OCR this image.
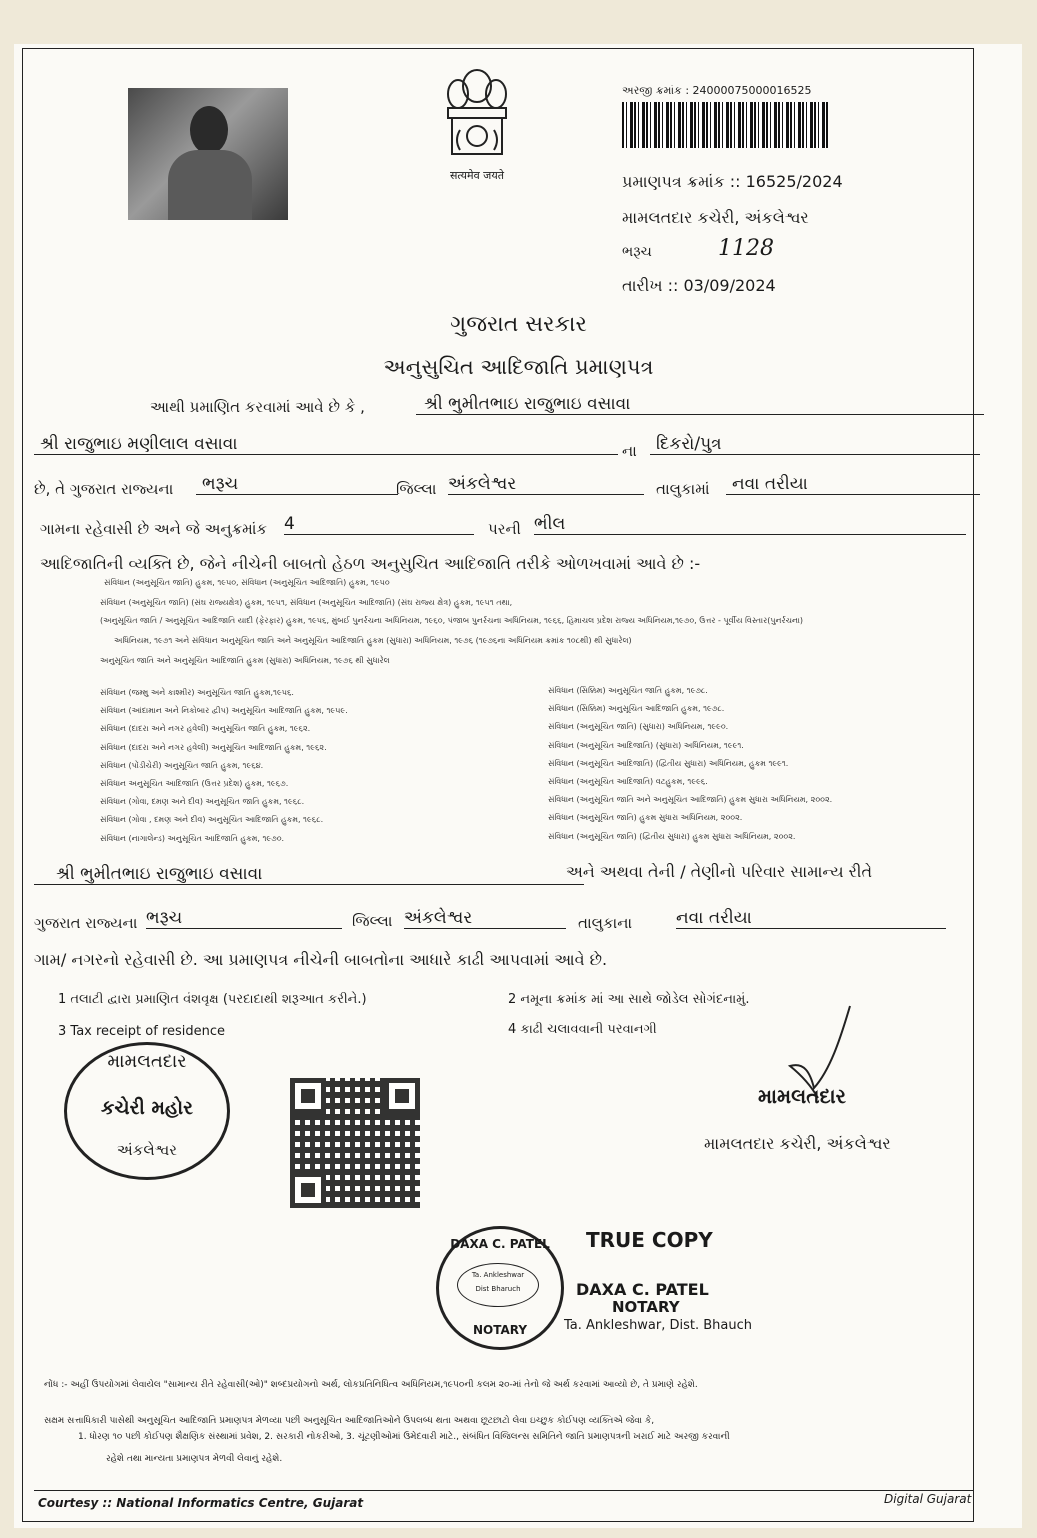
सत्यमेव जयते
અરજી ક્રમાંક : 24000075000016525
પ્રમાણપત્ર ક્રમાંક :: 16525/2024
મામલતદાર કચેરી, અંકલેશ્વર
ભરૂચ	1128
તારીખ :: 03/09/2024
ગુજરાત સરકાર
અનુસુચિત આદિજાતિ પ્રમાણપત્ર
આથી પ્રમાણિત કરવામાં આવે છે કે ,	શ્રી ભુમીતભાઇ રાજુભાઇ વસાવા
શ્રી રાજુભાઇ મણીલાલ વસાવા	ના	દિકરો/પુત્ર
છે, તે ગુજરાત રાજ્યના	ભરૂચ	જિલ્લા અંકલેશ્વર	તાલુકામાં	નવા તરીયા
ગામના રહેવાસી છે અને જે અનુક્રમાંક 4	પરની ભીલ
આદિજાતિની વ્યક્તિ છે, જેને નીચેની બાબતો હેઠળ અનુસુચિત આદિજાતિ તરીકે ઓળખવામાં આવે છે :-
સંવિધાન (અનુસૂચિત જાતિ) હુકમ, ૧૯૫૦, સંવિધાન (અનુસૂચિત આદિજાતિ) હુકમ, ૧૯૫૦
સંવિધાન (અનુસૂચિત જાતિ) (સંઘ રાજ્યક્ષેત્ર) હુકમ, ૧૯૫૧, સંવિધાન (અનુસૂચિત આદિજાતિ) (સંઘ રાજ્ય ક્ષેત્ર) હુકમ, ૧૯૫૧ તથા,
(અનુસૂચિત જાતિ / અનુસૂચિત આદિજાતિ યાદી (ફેરફાર) હુકમ, ૧૯૫૬, મુંબઈ પુનર્રચના અધિનિયમ, ૧૯૬૦, પંજાબ પુનર્રચના અધિનિયમ, ૧૯૬૬, હિમાચલ પ્રદેશ રાજ્ય અધિનિયમ,૧૯૭૦, ઉત્તર - પૂર્વીય વિસ્તાર(પુનર્રચના)
અધિનિયમ, ૧૯૭૧ અને સંવિધાન અનુસૂચિત જાતિ અને અનુસૂચિત આદિજાતિ હુકમ (સુધારા) અધિનિયમ, ૧૯૭૬ (૧૯૭૬ના અધિનિયમ ક્રમાંક ૧૦૮થી) થી સુધારેલ)
અનુસૂચિત જાતિ અને અનુસૂચિત આદિજાતિ હુકમ (સુધારા) અધિનિયમ, ૧૯૭૬ થી સુધારેલ
સંવિધાન (જમ્મુ અને કાશ્મીર) અનુસૂચિત જાતિ હુકમ,૧૯૫૬.
સંવિધાન (આંદામાન અને નિકોબાર દ્વીપ) અનુસૂચિત આદિજાતિ હુકમ, ૧૯૫૯.
સંવિધાન (દાદરા અને નગર હવેલી) અનુસૂચિત જાતિ હુકમ, ૧૯૬૨.
સંવિધાન (દાદરા અને નગર હવેલી) અનુસૂચિત આદિજાતિ હુકમ, ૧૯૬૨.
સંવિધાન (પોંડીચેરી) અનુસૂચિત જાતિ હુકમ, ૧૯૬૪.
સંવિધાન અનુસૂચિત આદિજાતિ (ઉત્તર પ્રદેશ) હુકમ, ૧૯૬૭.
સંવિધાન (ગોવા, દમણ અને દીવ) અનુસૂચિત જાતિ હુકમ, ૧૯૬૮.
સંવિધાન (ગોવા , દમણ અને દીવ) અનુસૂચિત આદિજાતિ હુકમ, ૧૯૬૮.
સંવિધાન (નાગાલેન્ડ) અનુસૂચિત આદિજાતિ હુકમ, ૧૯૭૦.
સંવિધાન (સિક્કિમ) અનુસૂચિત જાતિ હુકમ, ૧૯૭૮.
સંવિધાન (સિક્કિમ) અનુસૂચિત આદિજાતિ હુકમ, ૧૯૭૮.
સંવિધાન (અનુસૂચિત જાતિ) (સુધારા) અધિનિયમ, ૧૯૯૦.
સંવિધાન (અનુસૂચિત આદિજાતિ) (સુધારા) અધિનિયમ, ૧૯૯૧.
સંવિધાન (અનુસૂચિત આદિજાતિ) (દ્વિતીય સુધારા) અધિનિયમ, હુકમ ૧૯૯૧.
સંવિધાન (અનુસૂચિત આદિજાતિ) વટહુકમ, ૧૯૯૬.
સંવિધાન (અનુસૂચિત જાતિ અને અનુસૂચિત આદિજાતિ) હુકમ સુધારા અધિનિયમ, ૨૦૦૨.
સંવિધાન (અનુસૂચિત જાતિ) હુકમ સુધારા અધિનિયમ, ૨૦૦૨.
સંવિધાન (અનુસૂચિત જાતિ) (દ્વિતીય સુધારા) હુકમ સુધારા અધિનિયમ, ૨૦૦૨.
શ્રી ભુમીતભાઇ રાજુભાઇ વસાવા	અને અથવા તેની / તેણીનો પરિવાર સામાન્ય રીતે
ગુજરાત રાજ્યના ભરૂચ	જિલ્લા અંકલેશ્વર	તાલુકાના	નવા તરીયા
ગામ/ નગરનો રહેવાસી છે. આ પ્રમાણપત્ર નીચેની બાબતોના આધારે કાઢી આપવામાં આવે છે.
1 તલાટી દ્વારા પ્રમાણિત વંશવૃક્ષ (પરદાદાથી શરૂઆત કરીને.)	2 નમૂના ક્રમાંક માં આ સાથે જોડેલ સોગંદનામું.
3 Tax receipt of residence	4 કાઢી ચલાવવાની પરવાનગી
મામલતદાર
કચેરી મહોર
અંકલેશ્વર
મામલતદાર
મામલતદાર કચેરી, અંકલેશ્વર
DAXA C. PATEL
Ta. Ankleshwar
Dist Bharuch
NOTARY
TRUE COPY
DAXA C. PATEL
NOTARY
Ta. Ankleshwar, Dist. Bhauch
નોંધ :- અહીં ઉપયોગમાં લેવાયેલ "સામાન્ય રીતે રહેવાસી(ઓ)" શબ્દપ્રયોગનો અર્થ, લોકપ્રતિનિધિત્વ અધિનિયમ,૧૯૫૦ની કલમ ૨૦-માં તેનો જે અર્થ કરવામાં આવ્યો છે, તે પ્રમાણે રહેશે.
સક્ષમ સત્તાધિકારી પાસેથી અનુસૂચિત આદિજાતિ પ્રમાણપત્ર મેળવ્યા પછી અનુસૂચિત આદિજાતિઓને ઉપલબ્ધ થતા અથવા છૂટછાટો લેવા ઇચ્છુક કોઈપણ વ્યક્તિએ જેવા કે,
1. ધોરણ ૧૦ પછી કોઈપણ શૈક્ષણિક સંસ્થામાં પ્રવેશ, 2. સરકારી નોકરીઓ, 3. ચૂંટણીઓમાં ઉમેદવારી માટે., સંબંધિત વિજિલન્સ સમિતિને જાતિ પ્રમાણપત્રની ખરાઈ માટે અરજી કરવાની
રહેશે તથા માન્યતા પ્રમાણપત્ર મેળવી લેવાનું રહેશે.
Courtesy :: National Informatics Centre, Gujarat	Digital Gujarat
